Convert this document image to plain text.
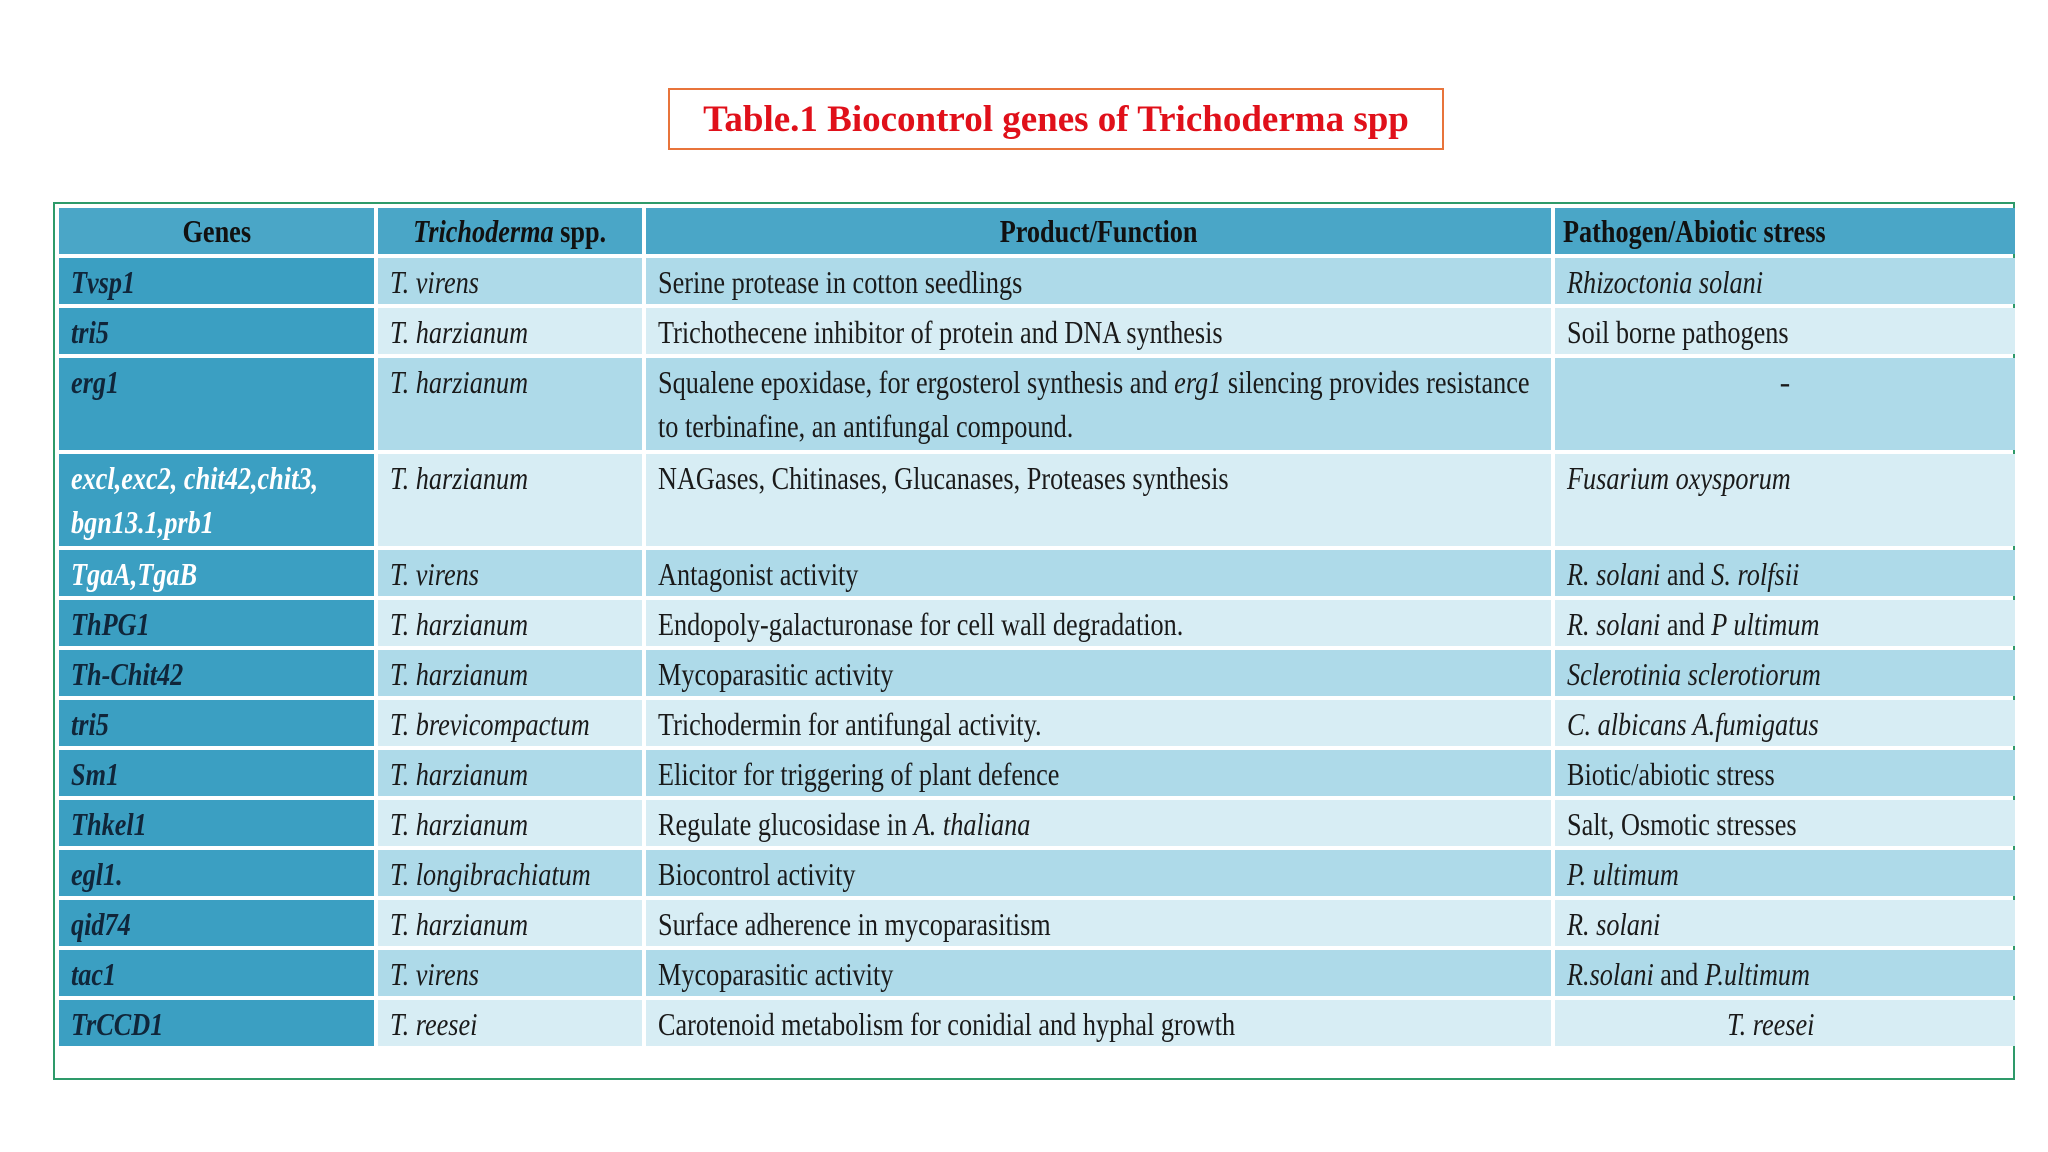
Table.1 Biocontrol genes of Trichoderma spp
Genes	Trichoderma spp.	Product/Function	Pathogen/Abiotic stress
Tvsp1	T. virens	Serine protease in cotton seedlings	Rhizoctonia solani
tri5	T. harzianum	Trichothecene inhibitor of protein and DNA synthesis	Soil borne pathogens
erg1	T. harzianum	Squalene epoxidase, for ergosterol synthesis and erg1 silencing provides resistance to terbinafine, an antifungal compound.	-
excl,exc2, chit42,chit3, bgn13.1,prb1	T. harzianum	NAGases, Chitinases, Glucanases, Proteases synthesis	Fusarium oxysporum
TgaA,TgaB	T. virens	Antagonist activity	R. solani and S. rolfsii
ThPG1	T. harzianum	Endopoly-galacturonase for cell wall degradation.	R. solani and P ultimum
Th-Chit42	T. harzianum	Mycoparasitic activity	Sclerotinia sclerotiorum
tri5	T. brevicompactum	Trichodermin for antifungal activity.	C. albicans A.fumigatus
Sm1	T. harzianum	Elicitor for triggering of plant defence	Biotic/abiotic stress
Thkel1	T. harzianum	Regulate glucosidase in A. thaliana	Salt, Osmotic stresses
egl1.	T. longibrachiatum	Biocontrol activity	P. ultimum
qid74	T. harzianum	Surface adherence in mycoparasitism	R. solani
tac1	T. virens	Mycoparasitic activity	R.solani and P.ultimum
TrCCD1	T. reesei	Carotenoid metabolism for conidial and hyphal growth	T. reesei
